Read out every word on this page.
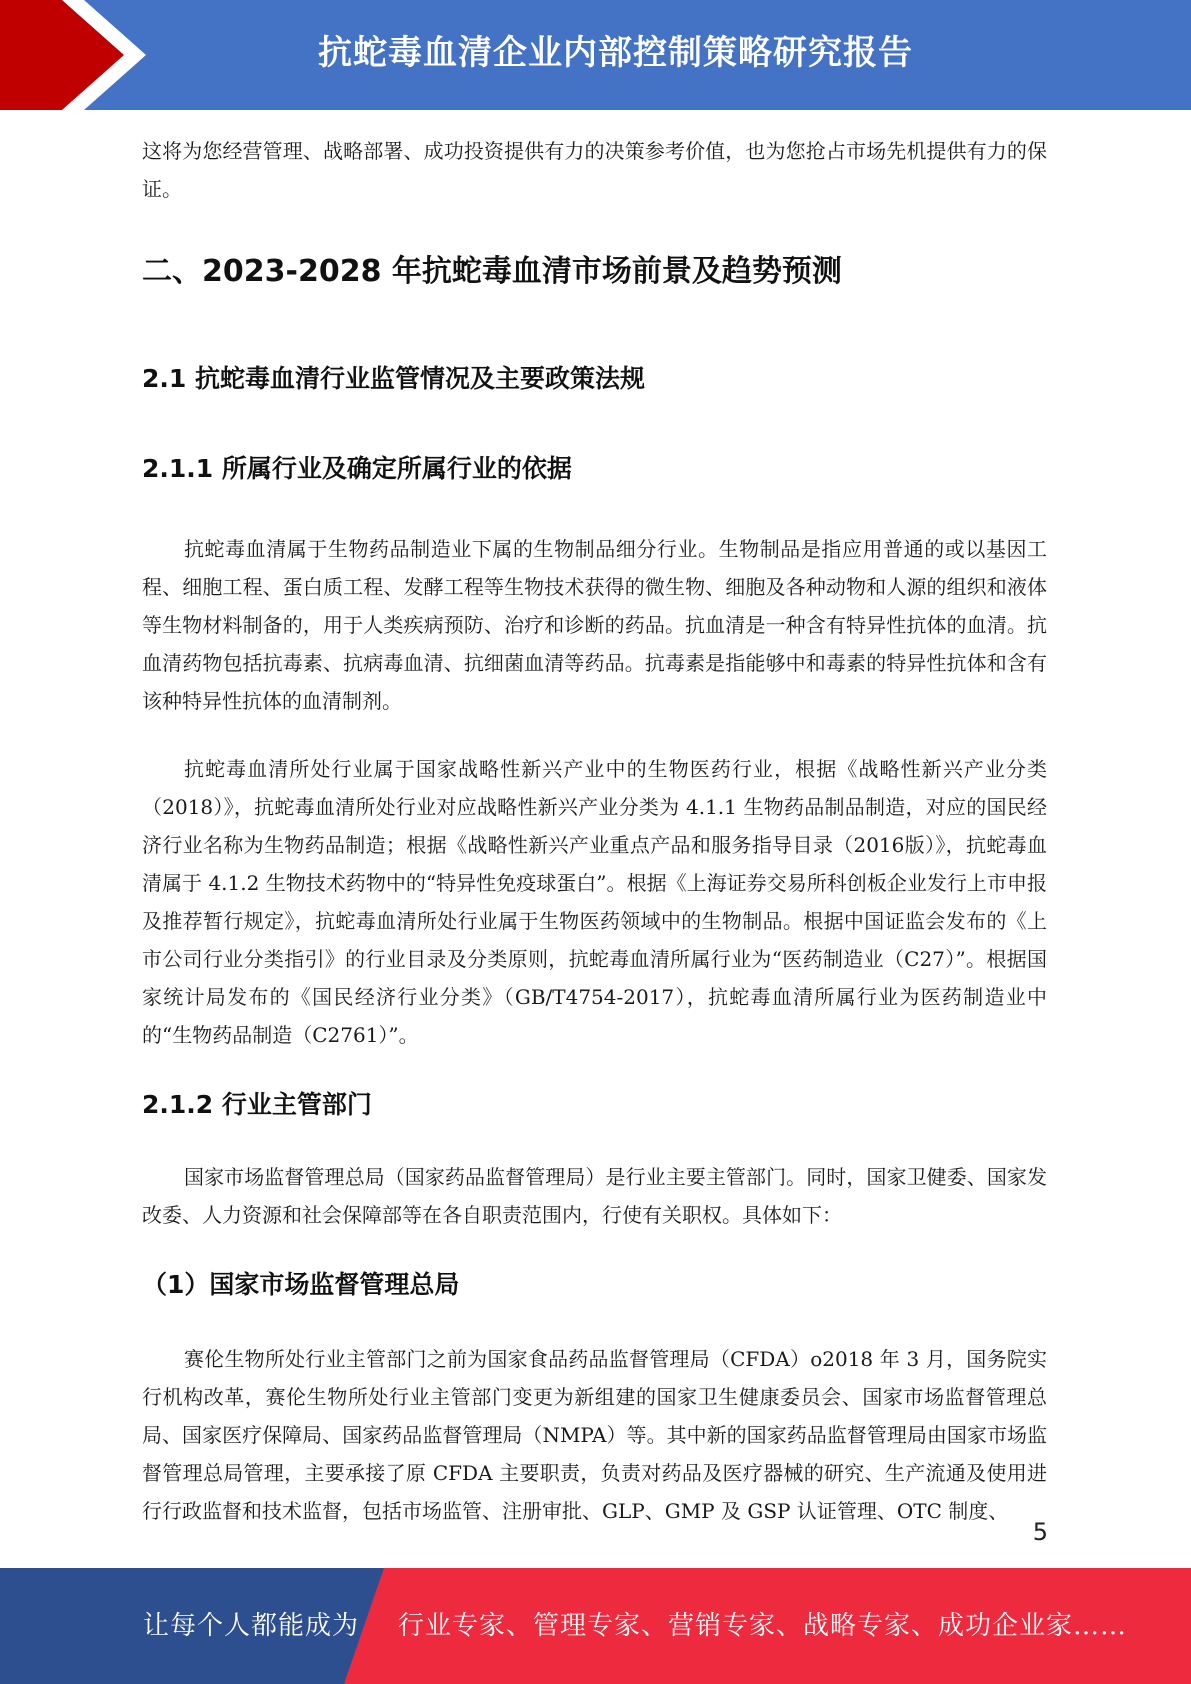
抗蛇毒血清企业内部控制策略研究报告

这将为您经营管理、战略部署、成功投资提供有力的决策参考价值，也为您抢占市场先机提供有力的保证。

二、2023-2028 年抗蛇毒血清市场前景及趋势预测
2.1 抗蛇毒血清行业监管情况及主要政策法规
2.1.1 所属行业及确定所属行业的依据

抗蛇毒血清属于生物药品制造业下属的生物制品细分行业。生物制品是指应用普通的或以基因工程、细胞工程、蛋白质工程、发酵工程等生物技术获得的微生物、细胞及各种动物和人源的组织和液体等生物材料制备的，用于人类疾病预防、治疗和诊断的药品。抗血清是一种含有特异性抗体的血清。抗血清药物包括抗毒素、抗病毒血清、抗细菌血清等药品。抗毒素是指能够中和毒素的特异性抗体和含有该种特异性抗体的血清制剂。

抗蛇毒血清所处行业属于国家战略性新兴产业中的生物医药行业，根据《战略性新兴产业分类（2018）》，抗蛇毒血清所处行业对应战略性新兴产业分类为 4.1.1 生物药品制品制造，对应的国民经济行业名称为生物药品制造；根据《战略性新兴产业重点产品和服务指导目录（2016版）》，抗蛇毒血清属于 4.1.2 生物技术药物中的“特异性免疫球蛋白”。根据《上海证券交易所科创板企业发行上市申报及推荐暂行规定》，抗蛇毒血清所处行业属于生物医药领域中的生物制品。根据中国证监会发布的《上市公司行业分类指引》的行业目录及分类原则，抗蛇毒血清所属行业为“医药制造业（C27）”。根据国家统计局发布的《国民经济行业分类》（GB/T4754-2017），抗蛇毒血清所属行业为医药制造业中的“生物药品制造（C2761）”。

2.1.2 行业主管部门

国家市场监督管理总局（国家药品监督管理局）是行业主要主管部门。同时，国家卫健委、国家发改委、人力资源和社会保障部等在各自职责范围内，行使有关职权。具体如下：

（1）国家市场监督管理总局

赛伦生物所处行业主管部门之前为国家食品药品监督管理局（CFDA）o2018 年 3 月，国务院实行机构改革，赛伦生物所处行业主管部门变更为新组建的国家卫生健康委员会、国家市场监督管理总局、国家医疗保障局、国家药品监督管理局（NMPA）等。其中新的国家药品监督管理局由国家市场监督管理总局管理，主要承接了原 CFDA 主要职责，负责对药品及医疗器械的研究、生产流通及使用进行行政监督和技术监督，包括市场监管、注册审批、GLP、GMP 及 GSP 认证管理、OTC 制度、

5
让每个人都能成为 行业专家、管理专家、营销专家、战略专家、成功企业家……
